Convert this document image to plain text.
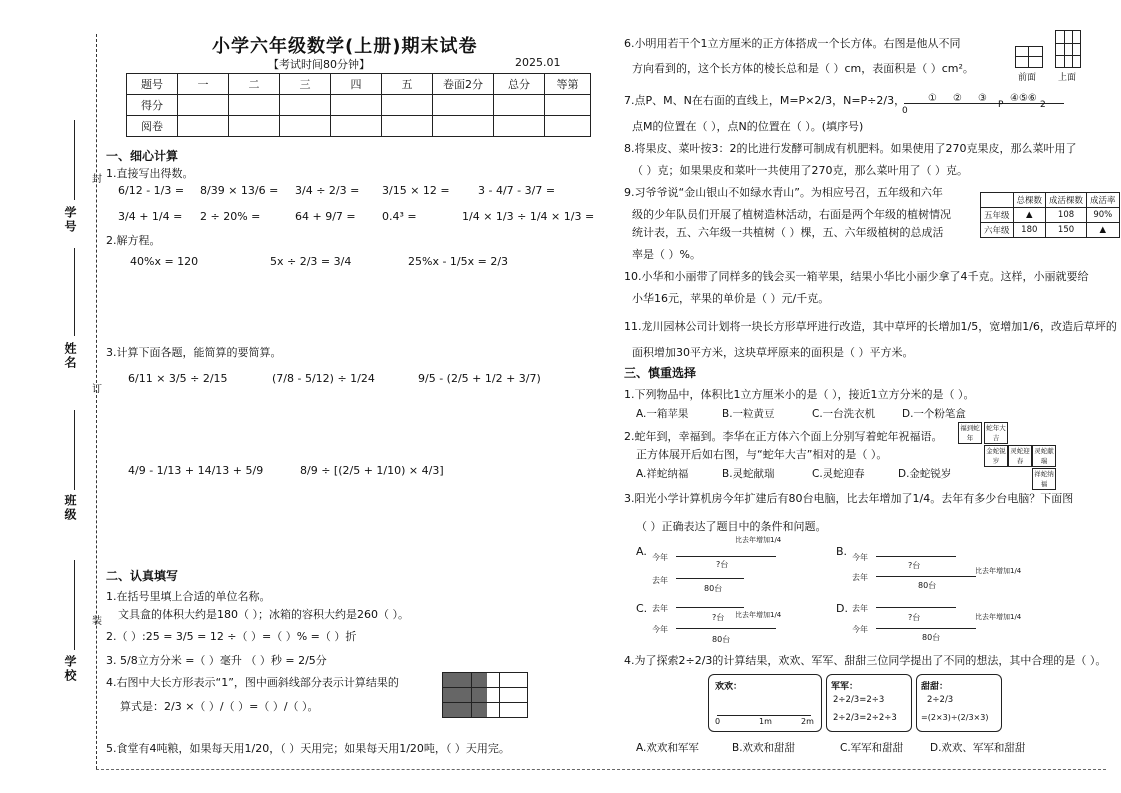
学号
姓名
班级
学校
封
订
装
小学六年级数学(上册)期末试卷
【考试时间80分钟】	2025.01
题号	一	二	三	四	五	卷面2分	总分	等第
得分								
阅卷								
一、细心计算
1.直接写出得数。
6/12 - 1/3 = 8/39 × 13/6 = 3/4 ÷ 2/3 = 3/15 × 12 =	3 - 4/7 - 3/7 =
3/4 + 1/4 = 2 ÷ 20% =	64 + 9/7 = 0.4³ =	1/4 × 1/3 ÷ 1/4 × 1/3 =
2.解方程。
40%x = 120	5x ÷ 2/3 = 3/4	25%x - 1/5x = 2/3
3.计算下面各题，能简算的要简算。
6/11 × 3/5 ÷ 2/15	(7/8 - 5/12) ÷ 1/24	9/5 - (2/5 + 1/2 + 3/7)
4/9 - 1/13 + 14/13 + 5/9	8/9 ÷ [(2/5 + 1/10) × 4/3]
二、认真填写
1.在括号里填上合适的单位名称。
文具盒的体积大约是180（ ）；冰箱的容积大约是260（ ）。
2.（ ）:25 = 3/5 = 12 ÷（ ）=（ ）% =（ ）折
3. 5/8立方分米 =（ ）毫升 （ ）秒 = 2/5分
4.右图中大长方形表示“1”，图中画斜线部分表示计算结果的
算式是：2/3 ×（ ）/（ ）=（ ）/（ ）。
5.食堂有4吨粮，如果每天用1/20，（ ）天用完；如果每天用1/20吨，（ ）天用完。
6.小明用若干个1立方厘米的正方体搭成一个长方体。右图是他从不同
方向看到的，这个长方体的棱长总和是（ ）cm，表面积是（ ）cm²。
前面 上面
7.点P、M、N在右面的直线上，M=P×2/3，N=P÷2/3，
0
① ② ③ ④⑤⑥
P	2
点M的位置在（ ），点N的位置在（ ）。(填序号)
8.将果皮、菜叶按3：2的比进行发酵可制成有机肥料。如果使用了270克果皮，那么菜叶用了
（ ）克；如果果皮和菜叶一共使用了270克，那么菜叶用了（ ）克。
9.习爷爷说“金山银山不如绿水青山”。为相应号召，五年级和六年
级的少年队员们开展了植树造林活动，右面是两个年级的植树情况
统计表，五、六年级一共植树（ ）棵，五、六年级植树的总成活
率是（ ）%。
	总棵数	成活棵数	成活率
五年级	▲	108	90%
六年级	180	150	▲
10.小华和小丽带了同样多的钱会买一箱苹果，结果小华比小丽少拿了4千克。这样，小丽就要给
小华16元，苹果的单价是（ ）元/千克。
11.龙川园林公司计划将一块长方形草坪进行改造，其中草坪的长增加1/5，宽增加1/6，改造后草坪的
面积增加30平方米，这块草坪原来的面积是（ ）平方米。
三、慎重选择
1.下列物品中，体积比1立方厘米小的是（ ），接近1立方分米的是（ ）。
A.一箱苹果	B.一粒黄豆	C.一台洗衣机	D.一个粉笔盒
2.蛇年到，幸福到。李华在正方体六个面上分别写着蛇年祝福语。
正方体展开后如右图，与“蛇年大吉”相对的是（ ）。
A.祥蛇纳福	B.灵蛇献瑞	C.灵蛇迎春	D.金蛇锐岁
福到蛇年
蛇年大吉
金蛇锐岁
灵蛇迎春
灵蛇献瑞
祥蛇纳福
3.阳光小学计算机房今年扩建后有80台电脑，比去年增加了1/4。去年有多少台电脑？下面图
（ ）正确表达了题目中的条件和问题。
A. 今年
比去年增加1/4
去年
?台
80台
B. 今年
去年
比去年增加1/4
?台
80台
C. 去年
今年
比去年增加1/4
?台
80台
D. 去年
今年
比去年增加1/4
?台
80台
4.为了探索2÷2/3的计算结果，欢欢、军军、甜甜三位同学提出了不同的想法，其中合理的是（ ）。
欢欢：
0	1m	2m
军军：
2÷2/3=2÷3
2÷2/3=2÷2÷3
甜甜：
2÷2/3
=(2×3)÷(2/3×3)
A.欢欢和军军	B.欢欢和甜甜	C.军军和甜甜	D.欢欢、军军和甜甜
